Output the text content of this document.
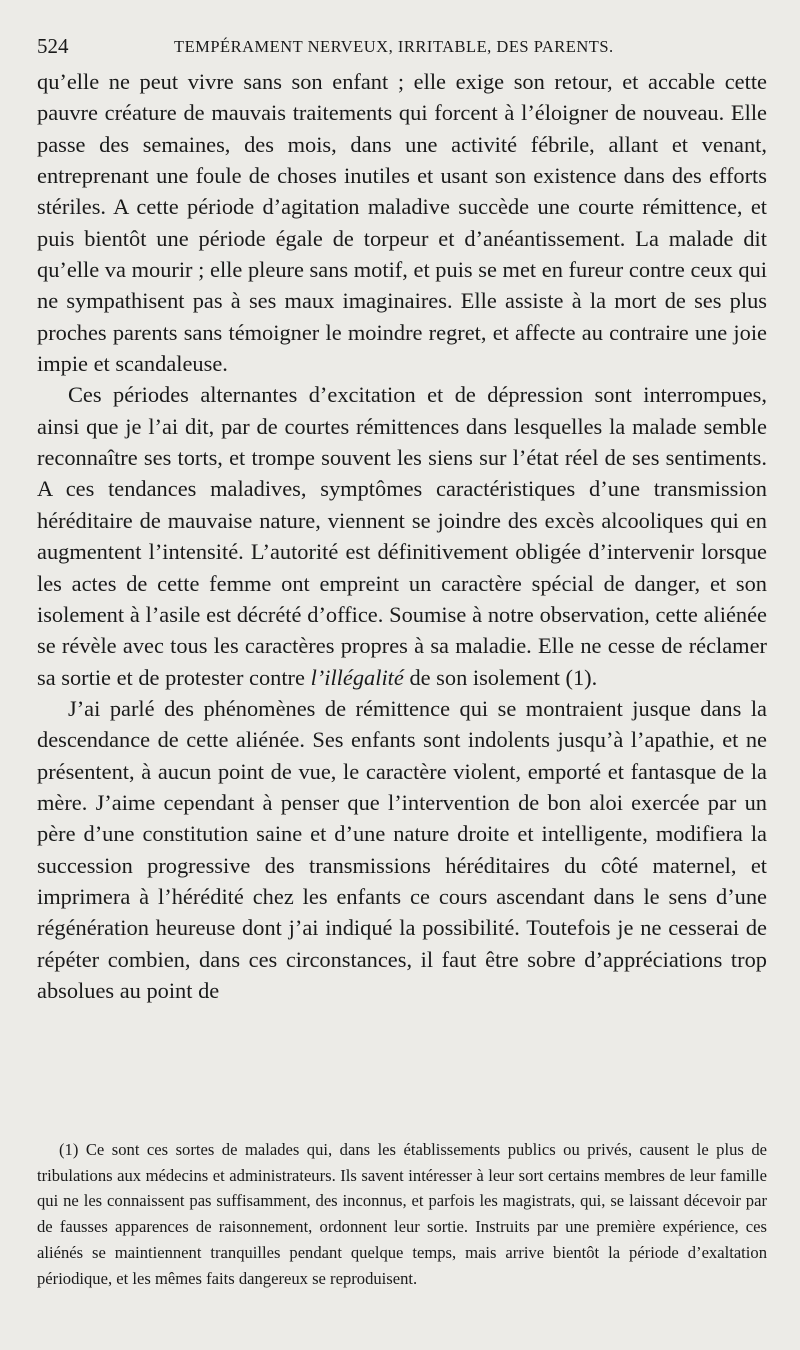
524	TEMPÉRAMENT NERVEUX, IRRITABLE, DES PARENTS.

qu’elle ne peut vivre sans son enfant ; elle exige son retour, et accable cette pauvre créature de mauvais traitements qui forcent à l’éloigner de nouveau. Elle passe des semaines, des mois, dans une activité fébrile, allant et venant, entreprenant une foule de choses inutiles et usant son existence dans des efforts stériles. A cette période d’agitation maladive succède une courte rémittence, et puis bientôt une période égale de torpeur et d’anéantissement. La malade dit qu’elle va mourir ; elle pleure sans motif, et puis se met en fureur contre ceux qui ne sympathisent pas à ses maux imaginaires. Elle assiste à la mort de ses plus proches parents sans témoigner le moindre regret, et affecte au contraire une joie impie et scandaleuse.

Ces périodes alternantes d’excitation et de dépression sont interrompues, ainsi que je l’ai dit, par de courtes rémittences dans lesquelles la malade semble reconnaître ses torts, et trompe souvent les siens sur l’état réel de ses sentiments. A ces tendances maladives, symptômes caractéristiques d’une transmission héréditaire de mauvaise nature, viennent se joindre des excès alcooliques qui en augmentent l’intensité. L’autorité est définitivement obligée d’intervenir lorsque les actes de cette femme ont empreint un caractère spécial de danger, et son isolement à l’asile est décrété d’office. Soumise à notre observation, cette aliénée se révèle avec tous les caractères propres à sa maladie. Elle ne cesse de réclamer sa sortie et de protester contre l’illégalité de son isolement (1).

J’ai parlé des phénomènes de rémittence qui se montraient jusque dans la descendance de cette aliénée. Ses enfants sont indolents jusqu’à l’apathie, et ne présentent, à aucun point de vue, le caractère violent, emporté et fantasque de la mère. J’aime cependant à penser que l’intervention de bon aloi exercée par un père d’une constitution saine et d’une nature droite et intelligente, modifiera la succession progressive des transmissions héréditaires du côté maternel, et imprimera à l’hérédité chez les enfants ce cours ascendant dans le sens d’une régénération heureuse dont j’ai indiqué la possibilité. Toutefois je ne cesserai de répéter combien, dans ces circonstances, il faut être sobre d’appréciations trop absolues au point de

(1) Ce sont ces sortes de malades qui, dans les établissements publics ou privés, causent le plus de tribulations aux médecins et administrateurs. Ils savent intéresser à leur sort certains membres de leur famille qui ne les connaissent pas suffisamment, des inconnus, et parfois les magistrats, qui, se laissant décevoir par de fausses apparences de raisonnement, ordonnent leur sortie. Instruits par une première expérience, ces aliénés se maintiennent tranquilles pendant quelque temps, mais arrive bientôt la période d’exaltation périodique, et les mêmes faits dangereux se reproduisent.
